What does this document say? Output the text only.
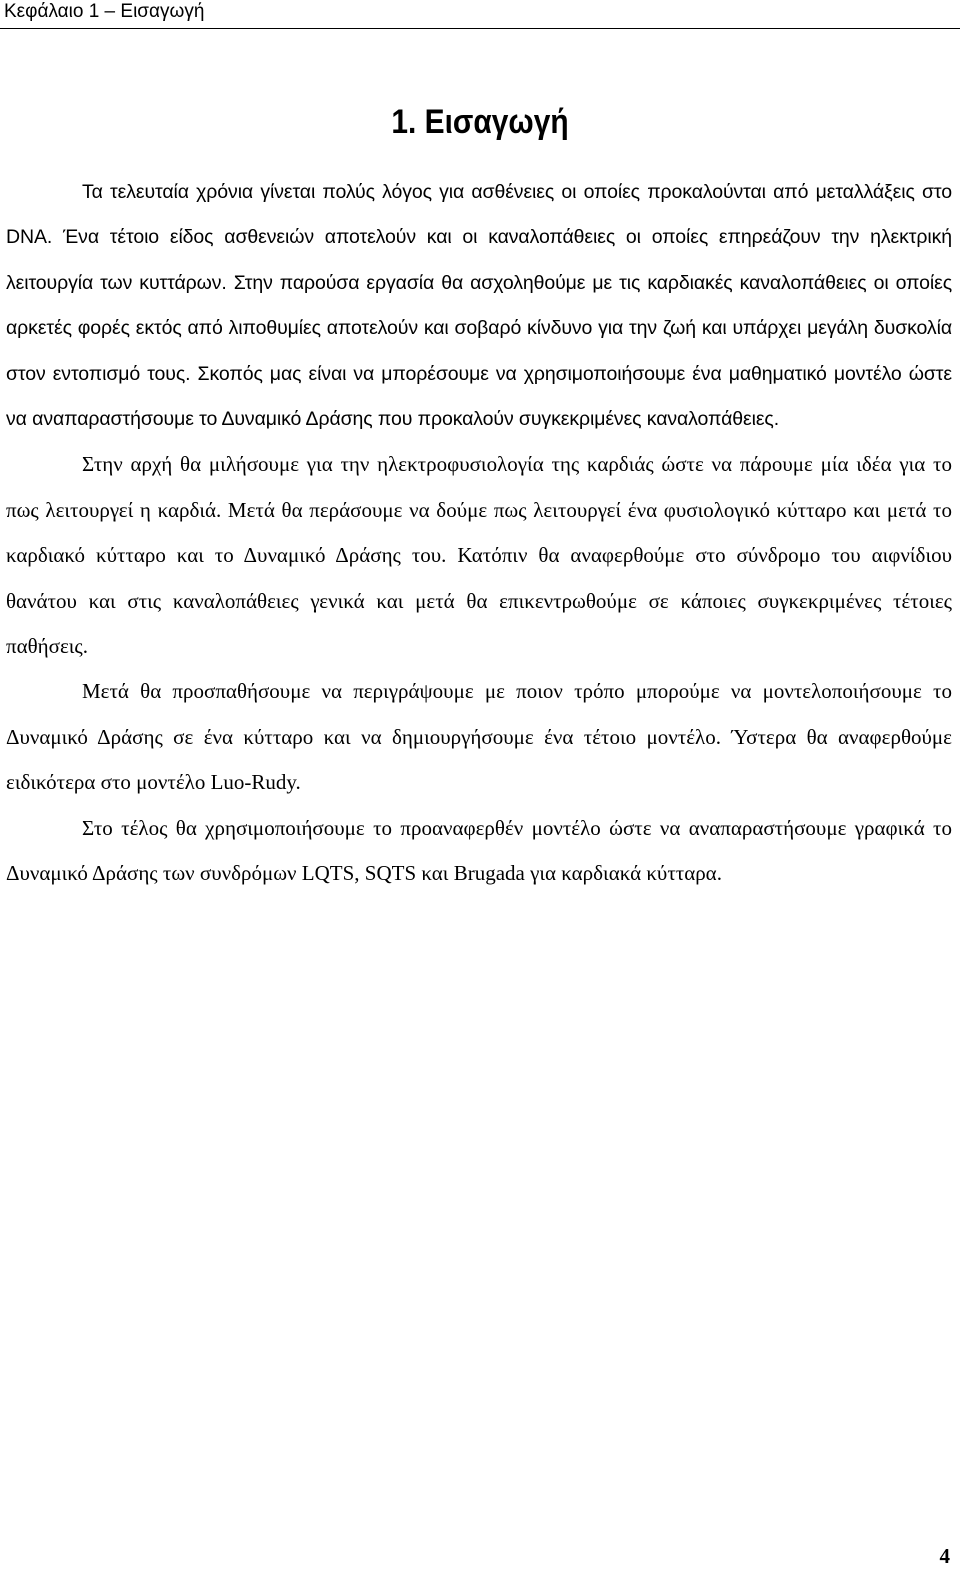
Κεφάλαιο 1 – Εισαγωγή
1. Εισαγωγή

Τα τελευταία χρόνια γίνεται πολύς λόγος για ασθένειες οι οποίες προκαλούνται από μεταλλάξεις στο DNA. Ένα τέτοιο είδος ασθενειών αποτελούν και οι καναλοπάθειες οι οποίες επηρεάζουν την ηλεκτρική λειτουργία των κυττάρων. Στην παρούσα εργασία θα ασχοληθούμε με τις καρδιακές καναλοπάθειες οι οποίες αρκετές φορές εκτός από λιποθυμίες αποτελούν και σοβαρό κίνδυνο για την ζωή και υπάρχει μεγάλη δυσκολία στον εντοπισμό τους. Σκοπός μας είναι να μπορέσουμε να χρησιμοποιήσουμε ένα μαθηματικό μοντέλο ώστε να αναπαραστήσουμε το Δυναμικό Δράσης που προκαλούν συγκεκριμένες καναλοπάθειες.

Στην αρχή θα μιλήσουμε για την ηλεκτροφυσιολογία της καρδιάς ώστε να πάρουμε μία ιδέα για το πως λειτουργεί η καρδιά. Μετά θα περάσουμε να δούμε πως λειτουργεί ένα φυσιολογικό κύτταρο και μετά το καρδιακό κύτταρο και το Δυναμικό Δράσης του. Κατόπιν θα αναφερθούμε στο σύνδρομο του αιφνίδιου θανάτου και στις καναλοπάθειες γενικά και μετά θα επικεντρωθούμε σε κάποιες συγκεκριμένες τέτοιες παθήσεις.

Μετά θα προσπαθήσουμε να περιγράψουμε με ποιον τρόπο μπορούμε να μοντελοποιήσουμε το Δυναμικό Δράσης σε ένα κύτταρο και να δημιουργήσουμε ένα τέτοιο μοντέλο. Ύστερα θα αναφερθούμε ειδικότερα στο μοντέλο Luo-Rudy.

Στο τέλος θα χρησιμοποιήσουμε το προαναφερθέν μοντέλο ώστε να αναπαραστήσουμε γραφικά το Δυναμικό Δράσης των συνδρόμων LQTS, SQTS και Brugada για καρδιακά κύτταρα.

4
